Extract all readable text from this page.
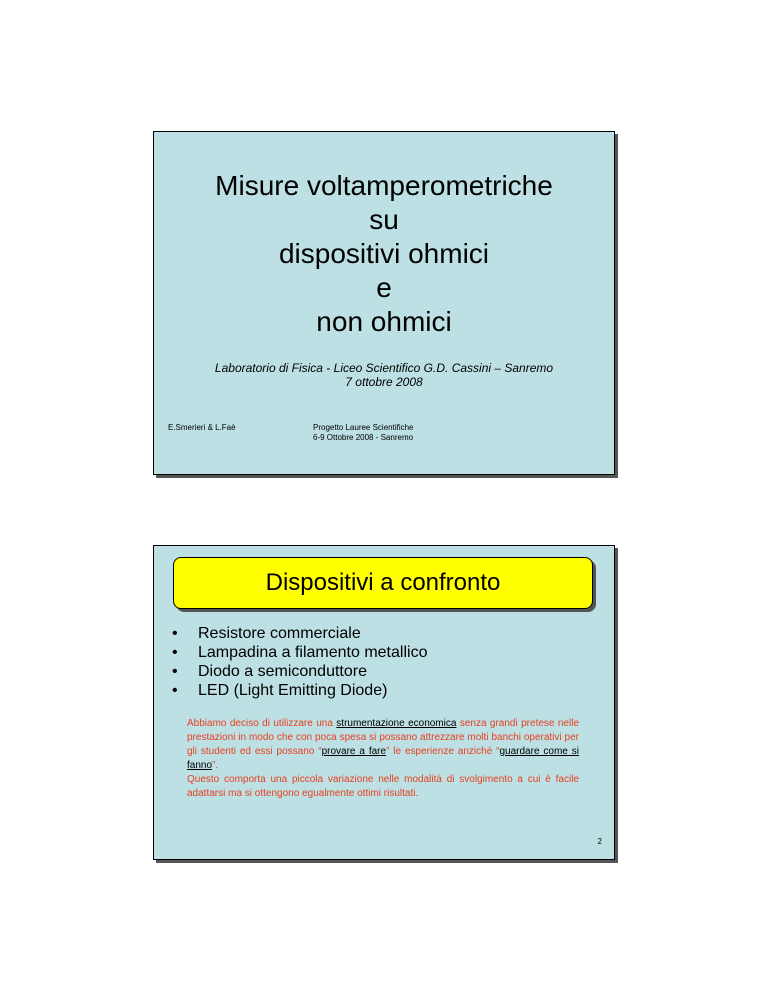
Misure voltamperometriche
su
dispositivi ohmici
e
non ohmici
Laboratorio di Fisica - Liceo Scientifico G.D. Cassini – Sanremo
7 ottobre 2008
E.Smerieri & L.Faè	Progetto Lauree Scientifiche
6-9 Ottobre 2008 - Sanremo
Dispositivi a confronto
• Resistore commerciale
• Lampadina a filamento metallico
• Diodo a semiconduttore
• LED (Light Emitting Diode)
Abbiamo deciso di utilizzare una strumentazione economica senza grandi pretese nelle prestazioni in modo che con poca spesa si possano attrezzare molti banchi operativi per gli studenti ed essi possano “provare a fare” le esperienze anziché “guardare come si fanno”.
Questo comporta una piccola variazione nelle modalità di svolgimento a cui è facile adattarsi ma si ottengono egualmente ottimi risultati.
2
